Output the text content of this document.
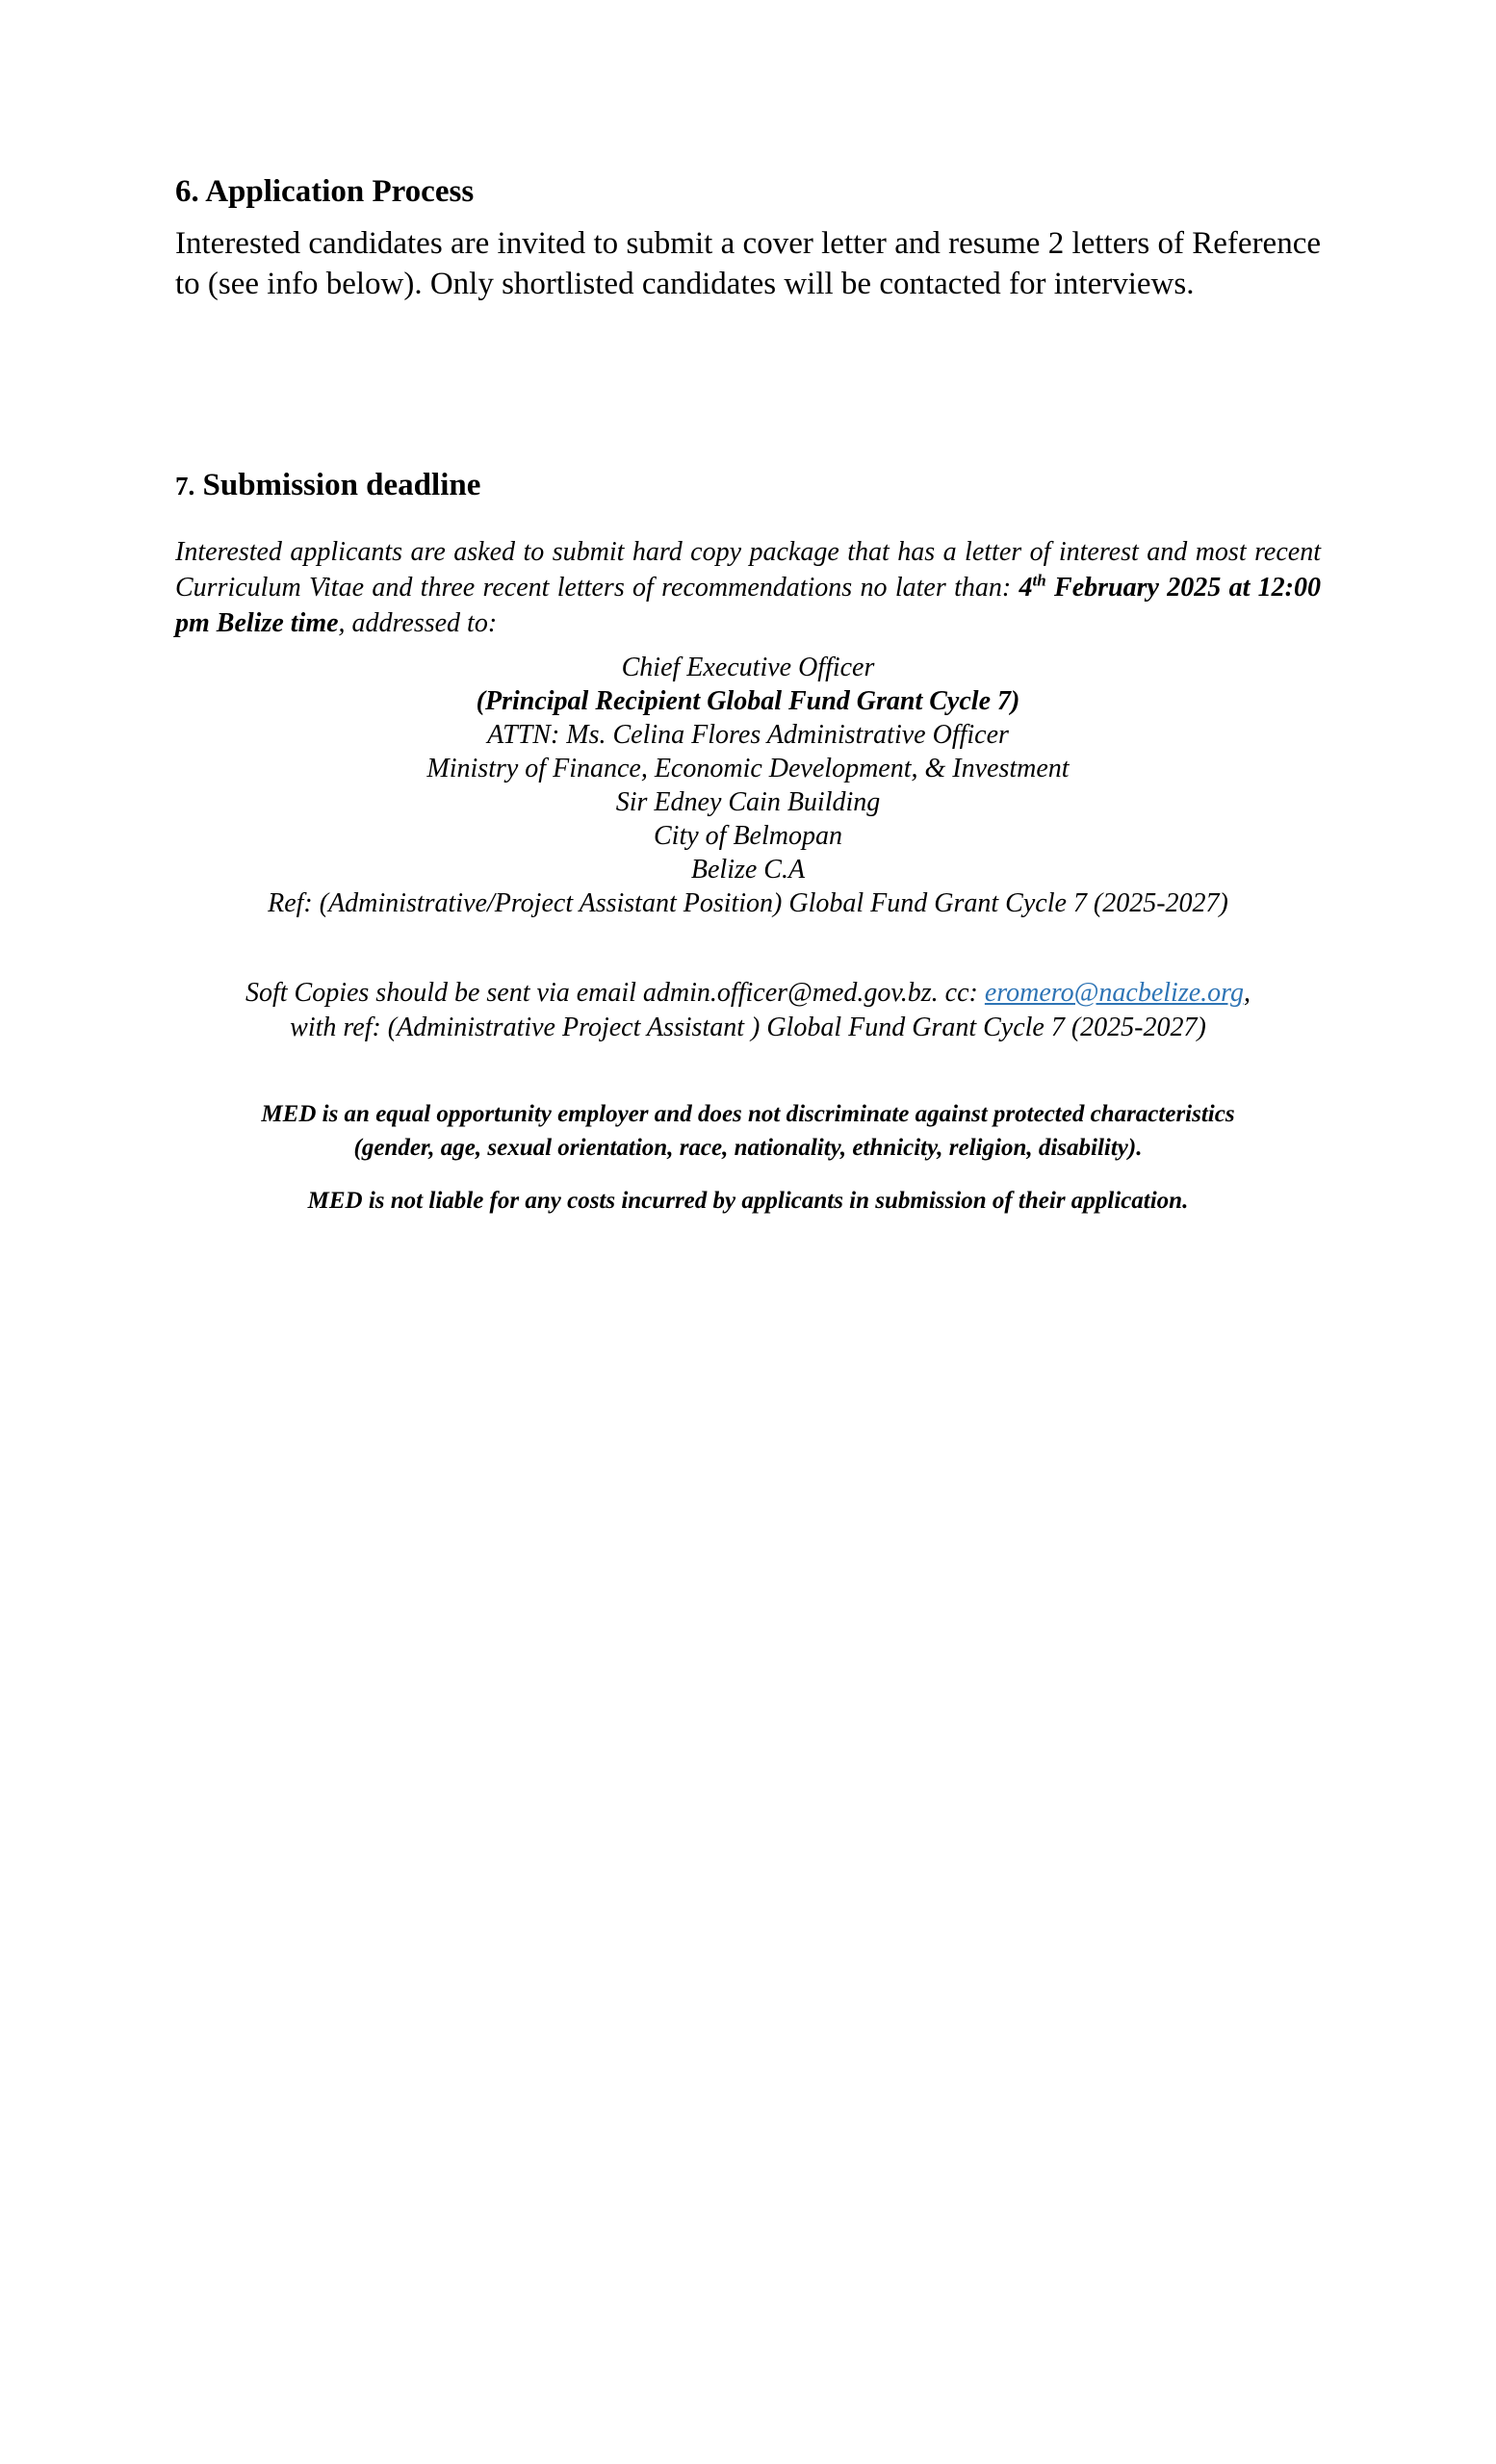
6. Application Process

Interested candidates are invited to submit a cover letter and resume 2 letters of Reference to (see info below). Only shortlisted candidates will be contacted for interviews.

7. Submission deadline

Interested applicants are asked to submit hard copy package that has a letter of interest and most recent Curriculum Vitae and three recent letters of recommendations no later than: 4th February 2025 at 12:00 pm Belize time, addressed to:

Chief Executive Officer
(Principal Recipient Global Fund Grant Cycle 7)
ATTN: Ms. Celina Flores Administrative Officer
Ministry of Finance, Economic Development, & Investment
Sir Edney Cain Building
City of Belmopan
Belize C.A
Ref: (Administrative/Project Assistant Position) Global Fund Grant Cycle 7 (2025-2027)
Soft Copies should be sent via email admin.officer@med.gov.bz. cc: eromero@nacbelize.org,
with ref: (Administrative Project Assistant ) Global Fund Grant Cycle 7 (2025-2027)
MED is an equal opportunity employer and does not discriminate against protected characteristics
(gender, age, sexual orientation, race, nationality, ethnicity, religion, disability).
MED is not liable for any costs incurred by applicants in submission of their application.
